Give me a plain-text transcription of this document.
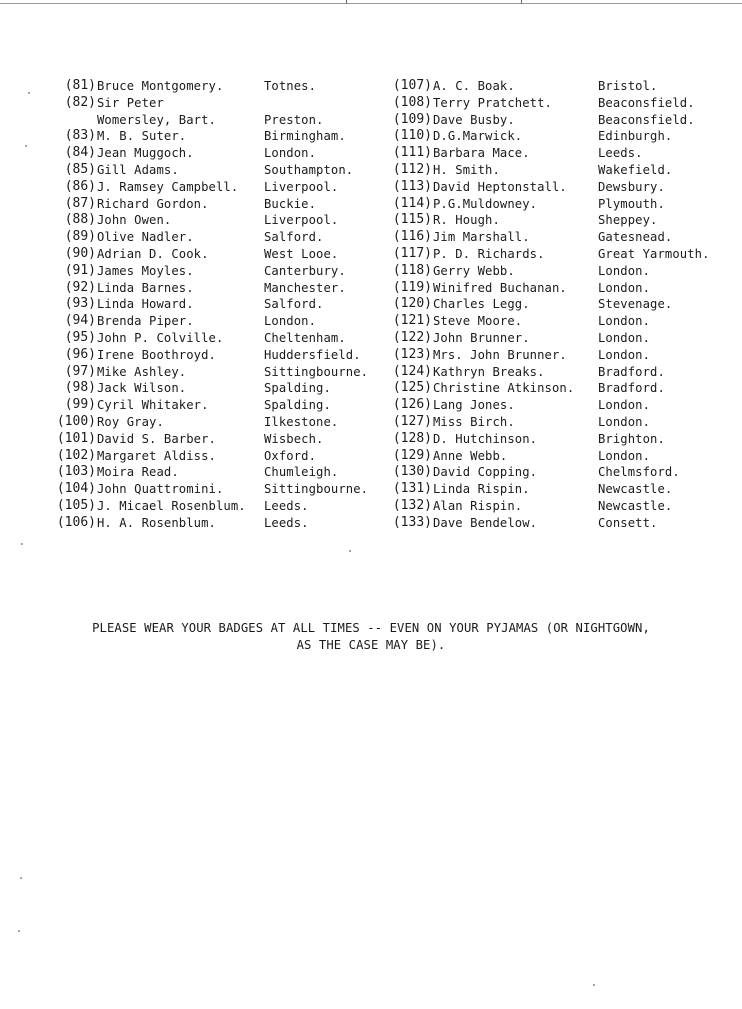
(81) Bruce Montgomery.	Totnes.
(82) Sir Peter
Womersley, Bart.	Preston.
(83) M. B. Suter.	Birmingham.
(84) Jean Muggoch.	London.
(85) Gill Adams.	Southampton.
(86) J. Ramsey Campbell. Liverpool.
(87) Richard Gordon.	Buckie.
(88) John Owen.	Liverpool.
(89) Olive Nadler.	Salford.
(90) Adrian D. Cook.	West Looe.
(91) James Moyles.	Canterbury.
(92) Linda Barnes.	Manchester.
(93) Linda Howard.	Salford.
(94) Brenda Piper.	London.
(95) John P. Colville.	Cheltenham.
(96) Irene Boothroyd.	Huddersfield.
(97) Mike Ashley.	Sittingbourne.
(98) Jack Wilson.	Spalding.
(99) Cyril Whitaker.	Spalding.
(100) Roy Gray.	Ilkestone.
(101) David S. Barber.	Wisbech.
(102) Margaret Aldiss.	Oxford.
(103) Moira Read.	Chumleigh.
(104) John Quattromini.	Sittingbourne.
(105) J. Micael Rosenblum. Leeds.
(106) H. A. Rosenblum.	Leeds.
(107) A. C. Boak.	Bristol.
(108) Terry Pratchett.	Beaconsfield.
(109) Dave Busby.	Beaconsfield.
(110) D.G.Marwick.	Edinburgh.
(111) Barbara Mace.	Leeds.
(112) H. Smith.	Wakefield.
(113) David Heptonstall.	Dewsbury.
(114) P.G.Muldowney.	Plymouth.
(115) R. Hough.	Sheppey.
(116) Jim Marshall.	Gatesnead.
(117) P. D. Richards.	Great Yarmouth.
(118) Gerry Webb.	London.
(119) Winifred Buchanan.	London.
(120) Charles Legg.	Stevenage.
(121) Steve Moore.	London.
(122) John Brunner.	London.
(123) Mrs. John Brunner.	London.
(124) Kathryn Breaks.	Bradford.
(125) Christine Atkinson. Bradford.
(126) Lang Jones.	London.
(127) Miss Birch.	London.
(128) D. Hutchinson.	Brighton.
(129) Anne Webb.	London.
(130) David Copping.	Chelmsford.
(131) Linda Rispin.	Newcastle.
(132) Alan Rispin.	Newcastle.
(133) Dave Bendelow.	Consett.

PLEASE WEAR YOUR BADGES AT ALL TIMES -- EVEN ON YOUR PYJAMAS (OR NIGHTGOWN,

AS THE CASE MAY BE).
